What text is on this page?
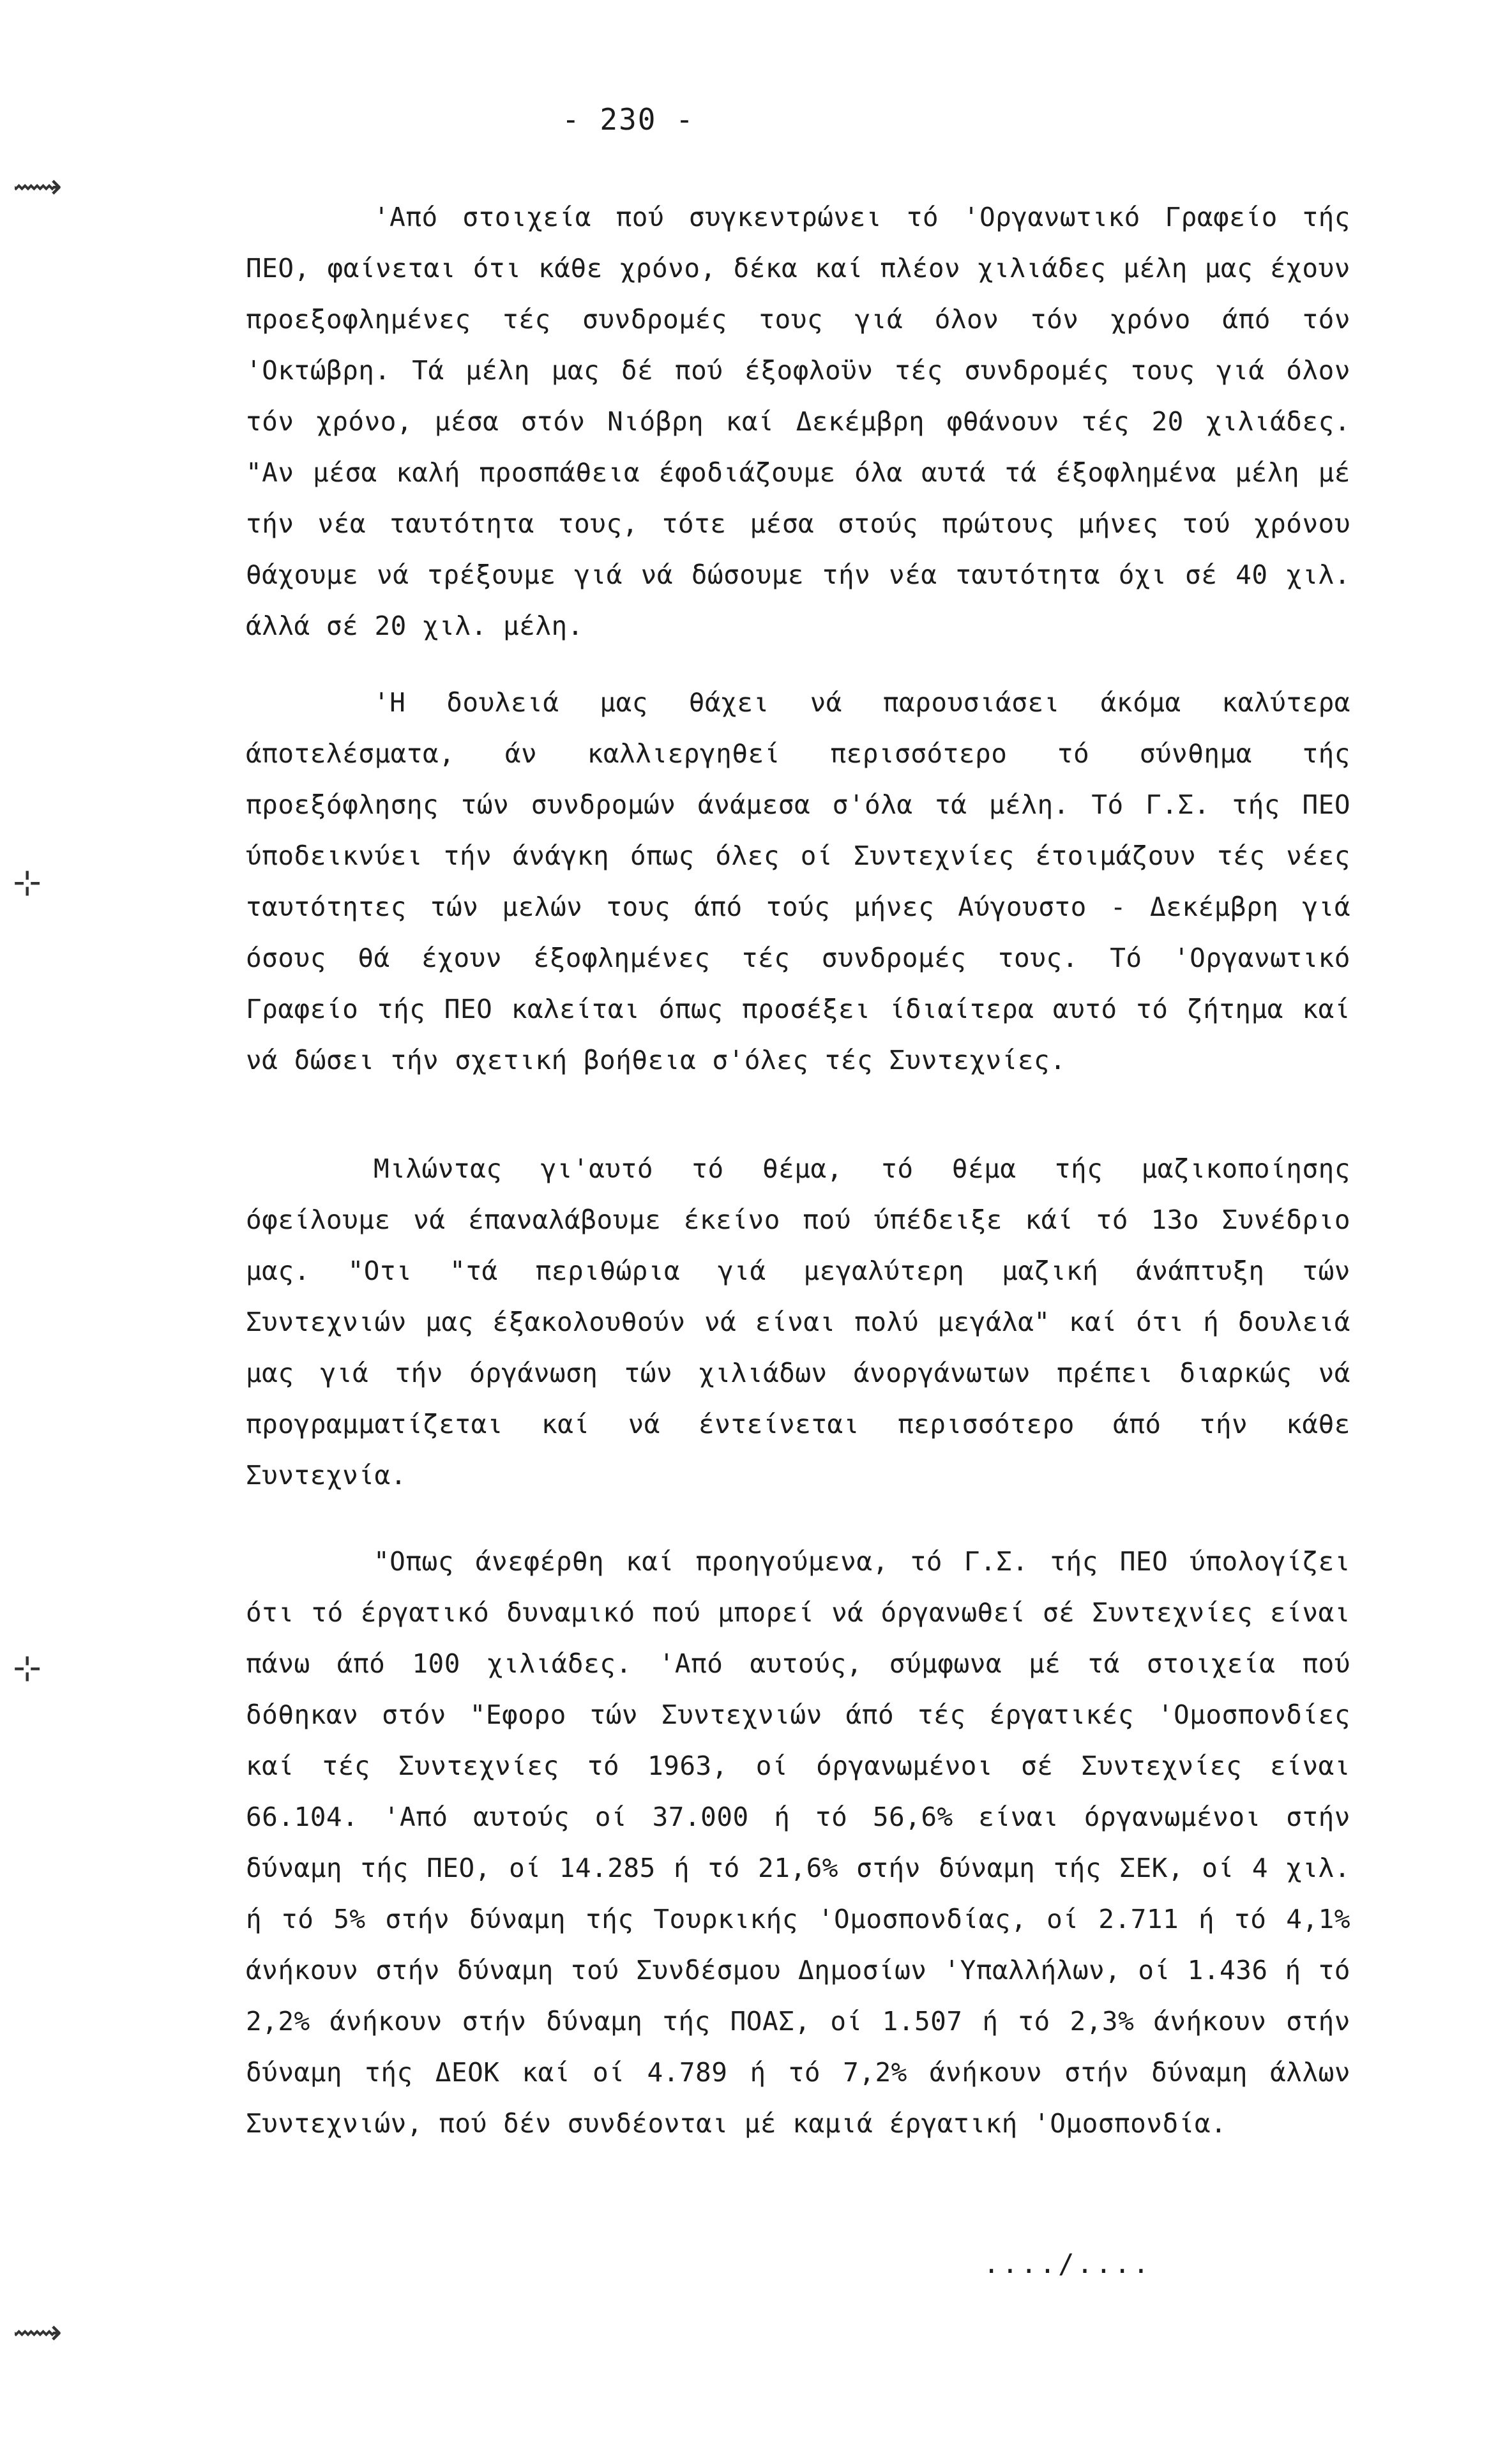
⟿
⊹
⊹
⟿
- 230 -

'Από στοιχεία πού συγκεντρώνει τό 'Οργανωτικό Γραφείο τής ΠΕΟ, φαίνεται ότι κάθε χρόνο, δέκα καί πλέον χιλιάδες μέλη μας έχουν προεξοφλημένες τές συνδρομές τους γιά όλον τόν χρόνο άπό τόν 'Οκτώβρη. Τά μέλη μας δέ πού έξοφλοϋν τές συνδρομές τους γιά όλον τόν χρόνο, μέσα στόν Νιόβρη καί Δεκέμβρη φθάνουν τές 20 χιλιάδες. "Αν μέσα καλή προσπάθεια έφοδιάζουμε όλα αυτά τά έξοφλημένα μέλη μέ τήν νέα ταυτότητα τους, τότε μέσα στούς πρώτους μήνες τού χρόνου θάχουμε νά τρέξουμε γιά νά δώσουμε τήν νέα ταυτότητα όχι σέ 40 χιλ. άλλά σέ 20 χιλ. μέλη.

'Η δουλειά μας θάχει νά παρουσιάσει άκόμα καλύτερα άποτελέσματα, άν καλλιεργηθεί περισσότερο τό σύνθημα τής προεξόφλησης τών συνδρομών άνάμεσα σ'όλα τά μέλη. Τό Γ.Σ. τής ΠΕΟ ύποδεικνύει τήν άνάγκη όπως όλες οί Συντεχνίες έτοιμάζουν τές νέες ταυτότητες τών μελών τους άπό τούς μήνες Αύγουστο - Δεκέμβρη γιά όσους θά έχουν έξοφλημένες τές συνδρομές τους. Τό 'Οργανωτικό Γραφείο τής ΠΕΟ καλείται όπως προσέξει ίδιαίτερα αυτό τό ζήτημα καί νά δώσει τήν σχετική βοήθεια σ'όλες τές Συντεχνίες.

Μιλώντας γι'αυτό τό θέμα, τό θέμα τής μαζικοποίησης όφείλουμε νά έπαναλάβουμε έκείνο πού ύπέδειξε κάί τό 13ο Συνέδριο μας. "Οτι "τά περιθώρια γιά μεγαλύτερη μαζική άνάπτυξη τών Συντεχνιών μας έξακολουθούν νά είναι πολύ μεγάλα" καί ότι ή δουλειά μας γιά τήν όργάνωση τών χιλιάδων άνοργάνωτων πρέπει διαρκώς νά προγραμματίζεται καί νά έντείνεται περισσότερο άπό τήν κάθε Συντεχνία.

"Οπως άνεφέρθη καί προηγούμενα, τό Γ.Σ. τής ΠΕΟ ύπολογίζει ότι τό έργατικό δυναμικό πού μπορεί νά όργανωθεί σέ Συντεχνίες είναι πάνω άπό 100 χιλιάδες. 'Από αυτούς, σύμφωνα μέ τά στοιχεία πού δόθηκαν στόν "Εφορο τών Συντεχνιών άπό τές έργατικές 'Ομοσπονδίες καί τές Συντεχνίες τό 1963, οί όργανωμένοι σέ Συντεχνίες είναι 66.104. 'Από αυτούς οί 37.000 ή τό 56,6% είναι όργανωμένοι στήν δύναμη τής ΠΕΟ, οί 14.285 ή τό 21,6% στήν δύναμη τής ΣΕΚ, οί 4 χιλ. ή τό 5% στήν δύναμη τής Τουρκικής 'Ομοσπονδίας, οί 2.711 ή τό 4,1% άνήκουν στήν δύναμη τού Συνδέσμου Δημοσίων 'Υπαλλήλων, οί 1.436 ή τό 2,2% άνήκουν στήν δύναμη τής ΠΟΑΣ, οί 1.507 ή τό 2,3% άνήκουν στήν δύναμη τής ΔΕΟΚ καί οί 4.789 ή τό 7,2% άνήκουν στήν δύναμη άλλων Συντεχνιών, πού δέν συνδέονται μέ καμιά έργατική 'Ομοσπονδία.

..../....
